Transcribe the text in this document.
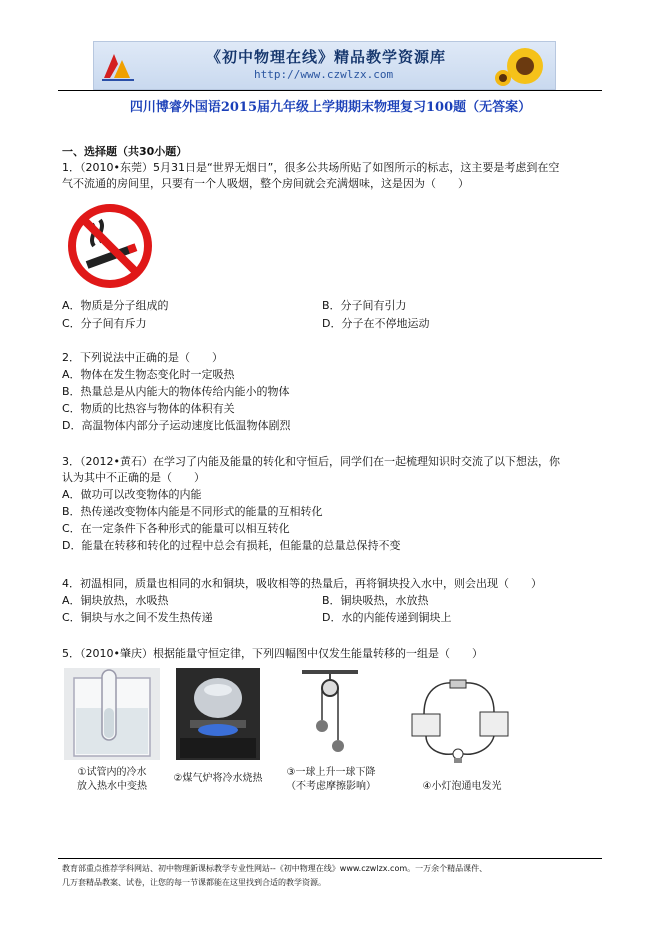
《初中物理在线》精品教学资源库
http://www.czwlzx.com
四川博睿外国语2015届九年级上学期期末物理复习100题（无答案）
一、选择题（共30小题）
1．（2010•东莞）5月31日是“世界无烟日”，很多公共场所贴了如图所示的标志，这主要是考虑到在空
气不流通的房间里，只要有一个人吸烟，整个房间就会充满烟味，这是因为（　　）
A．物质是分子组成的	B．分子间有引力
C．分子间有斥力	D．分子在不停地运动
2．下列说法中正确的是（　　）
A．物体在发生物态变化时一定吸热
B．热量总是从内能大的物体传给内能小的物体
C．物质的比热容与物体的体积有关
D．高温物体内部分子运动速度比低温物体剧烈
3．（2012•黄石）在学习了内能及能量的转化和守恒后，同学们在一起梳理知识时交流了以下想法，你
认为其中不正确的是（　　）
A．做功可以改变物体的内能
B．热传递改变物体内能是不同形式的能量的互相转化
C．在一定条件下各种形式的能量可以相互转化
D．能量在转移和转化的过程中总会有损耗，但能量的总量总保持不变
4．初温相同，质量也相同的水和铜块，吸收相等的热量后，再将铜块投入水中，则会出现（　　）
A．铜块放热，水吸热	B．铜块吸热，水放热
C．铜块与水之间不发生热传递	D．水的内能传递到铜块上
5．（2010•肇庆）根据能量守恒定律，下列四幅图中仅发生能量转移的一组是（　　）
①试管内的冷水
放入热水中变热
②煤气炉将冷水烧热
③一球上升一球下降
（不考虑摩擦影响）	④小灯泡通电发光
教育部重点推荐学科网站、初中物理新课标教学专业性网站--《初中物理在线》www.czwlzx.com。一万余个精品课件、
几万套精品教案、试卷，让您的每一节课都能在这里找到合适的教学资源。
